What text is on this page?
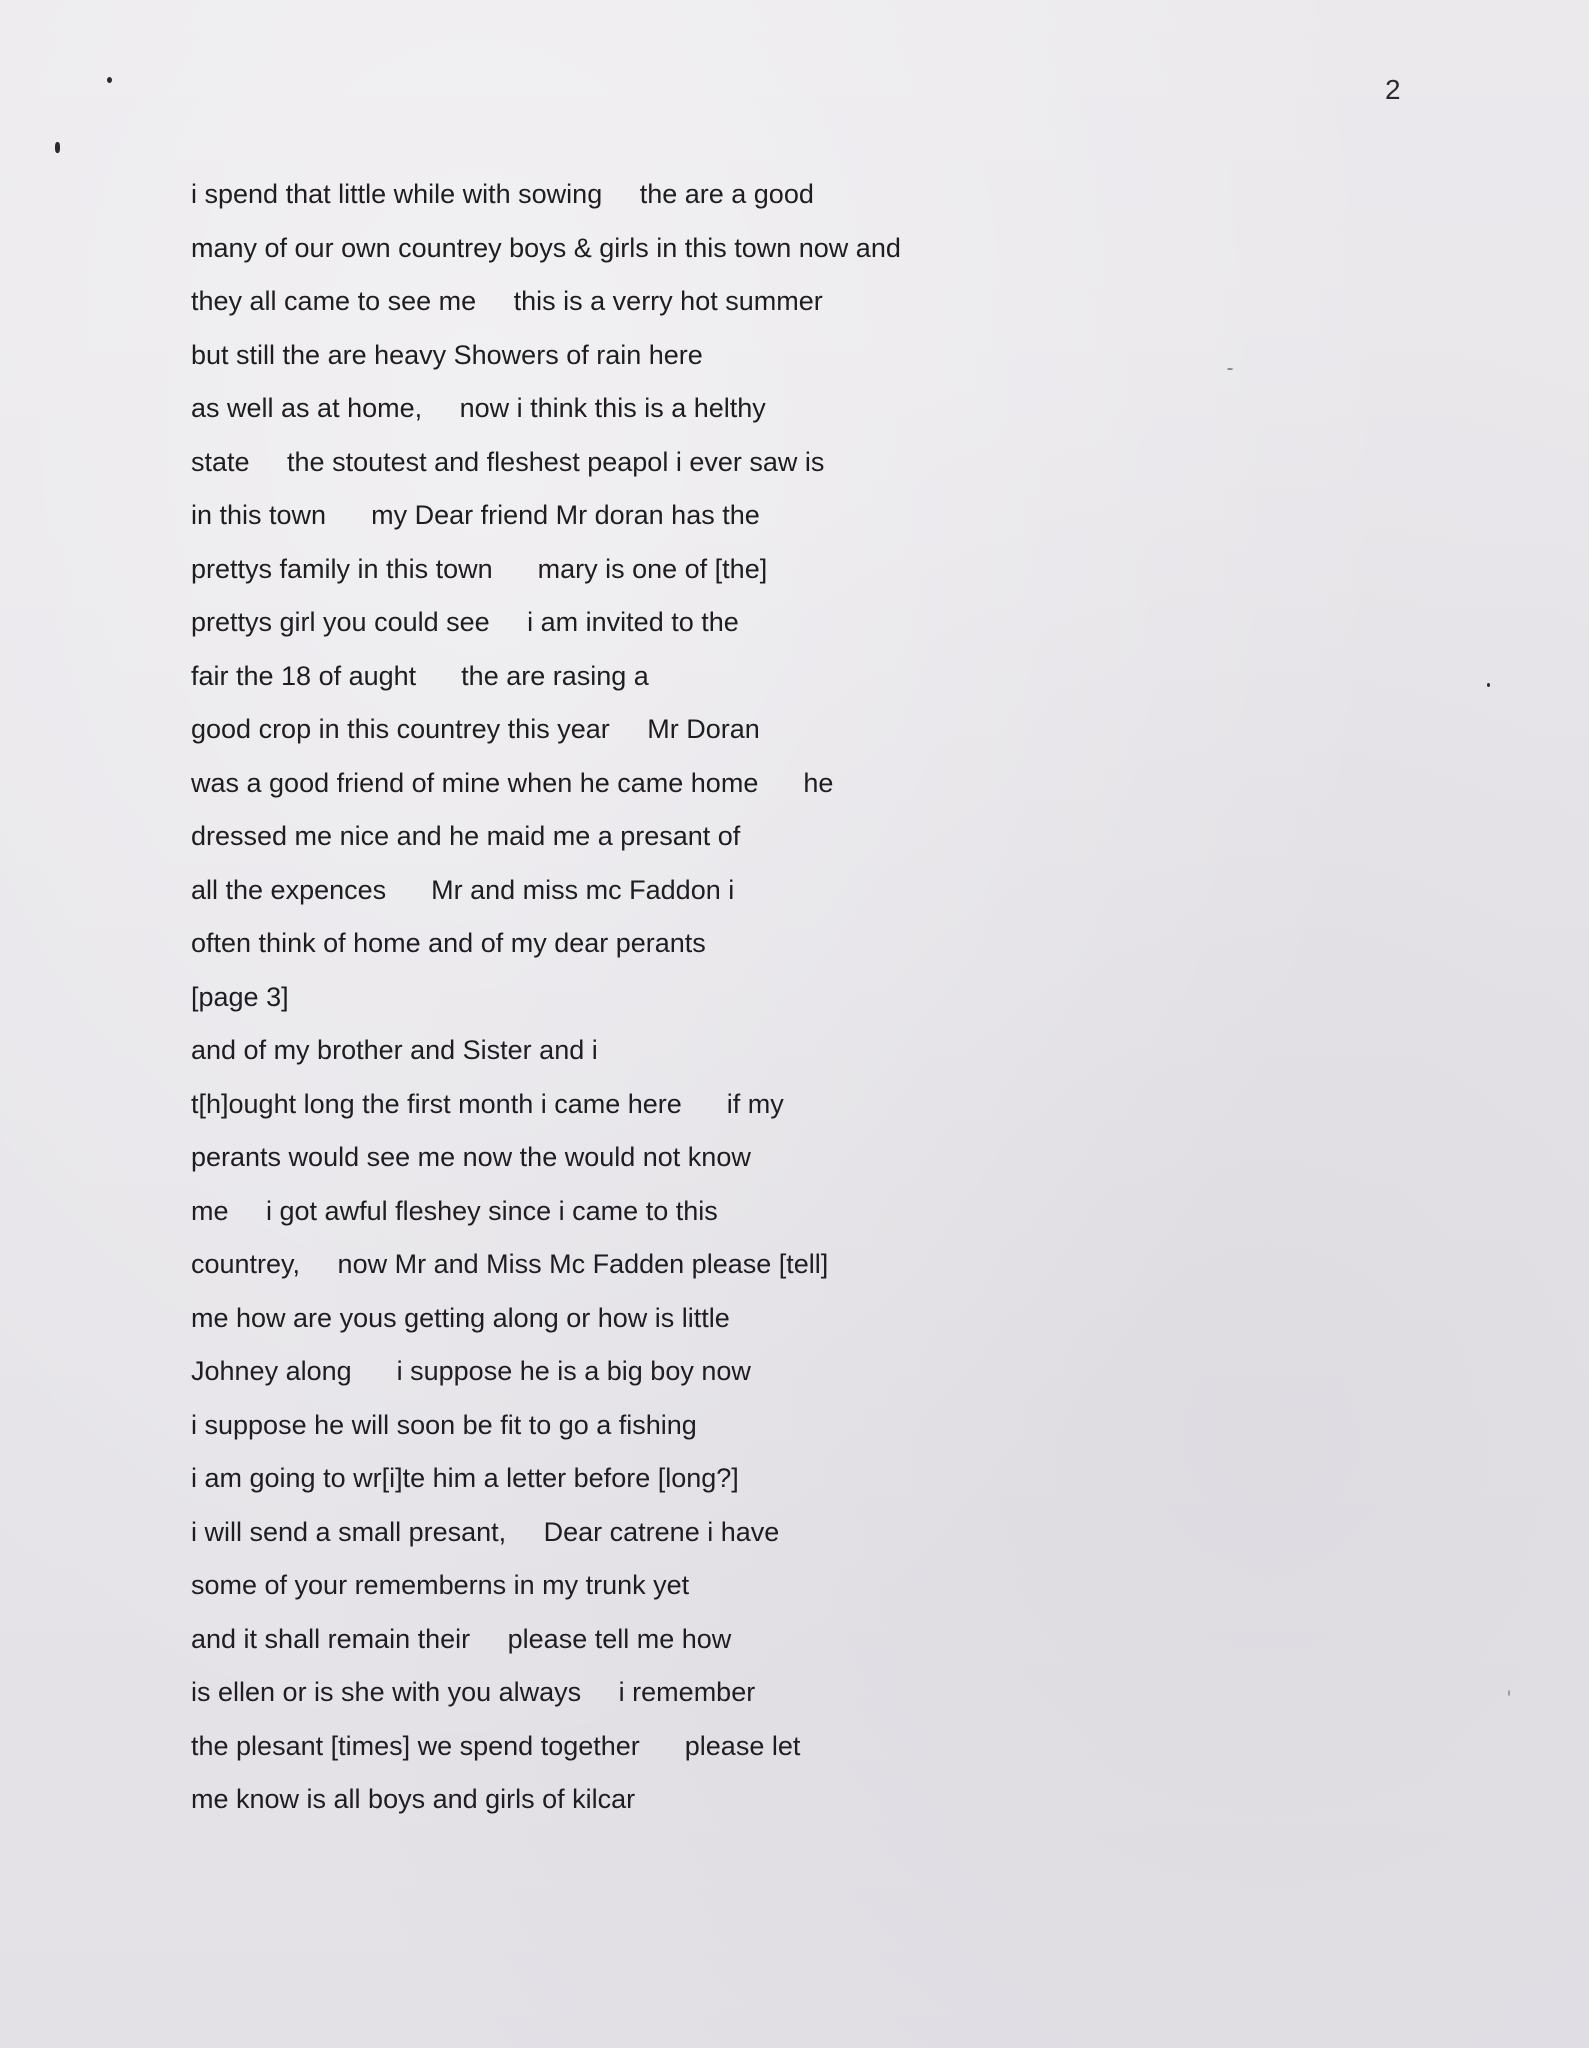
2

i spend that little while with sowing     the are a good
many of our own countrey boys & girls in this town now and
they all came to see me     this is a verry hot summer
but still the are heavy Showers of rain here
as well as at home,     now i think this is a helthy
state     the stoutest and fleshest peapol i ever saw is
in this town      my Dear friend Mr doran has the
prettys family in this town      mary is one of [the]
prettys girl you could see     i am invited to the
fair the 18 of aught      the are rasing a
good crop in this countrey this year     Mr Doran
was a good friend of mine when he came home      he
dressed me nice and he maid me a presant of
all the expences      Mr and miss mc Faddon i
often think of home and of my dear perants
[page 3]
and of my brother and Sister and i
t[h]ought long the first month i came here      if my
perants would see me now the would not know
me     i got awful fleshey since i came to this
countrey,     now Mr and Miss Mc Fadden please [tell]
me how are yous getting along or how is little
Johney along      i suppose he is a big boy now
i suppose he will soon be fit to go a fishing
i am going to wr[i]te him a letter before [long?]
i will send a small presant,     Dear catrene i have
some of your rememberns in my trunk yet
and it shall remain their     please tell me how
is ellen or is she with you always     i remember
the plesant [times] we spend together      please let
me know is all boys and girls of kilcar
